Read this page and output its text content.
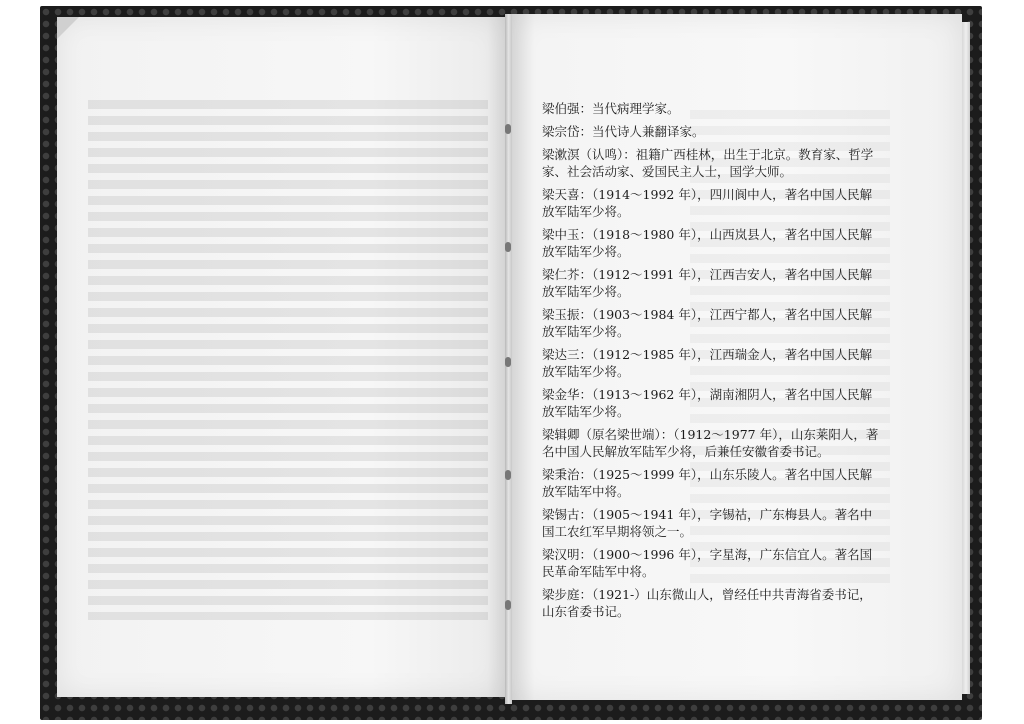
梁伯强：当代病理学家。
梁宗岱：当代诗人兼翻译家。
梁漱溟（认鸣）：祖籍广西桂林，出生于北京。教育家、哲学家、社会活动家、爱国民主人士，国学大师。
梁天喜：（1914～1992 年），四川阆中人，著名中国人民解放军陆军少将。
梁中玉：（1918～1980 年），山西岚县人，著名中国人民解放军陆军少将。
梁仁芥：（1912～1991 年），江西吉安人，著名中国人民解放军陆军少将。
梁玉振：（1903～1984 年），江西宁都人，著名中国人民解放军陆军少将。
梁达三：（1912～1985 年），江西瑞金人，著名中国人民解放军陆军少将。
梁金华：（1913～1962 年），湖南湘阴人，著名中国人民解放军陆军少将。
梁辑卿（原名梁世端）：（1912～1977 年），山东莱阳人，著名中国人民解放军陆军少将，后兼任安徽省委书记。
梁秉治：（1925～1999 年），山东乐陵人。著名中国人民解放军陆军中将。
梁锡古：（1905～1941 年），字锡祜，广东梅县人。著名中国工农红军早期将领之一。
梁汉明：（1900～1996 年），字星海，广东信宜人。著名国民革命军陆军中将。
梁步庭：（1921-）山东微山人，曾经任中共青海省委书记，山东省委书记。
